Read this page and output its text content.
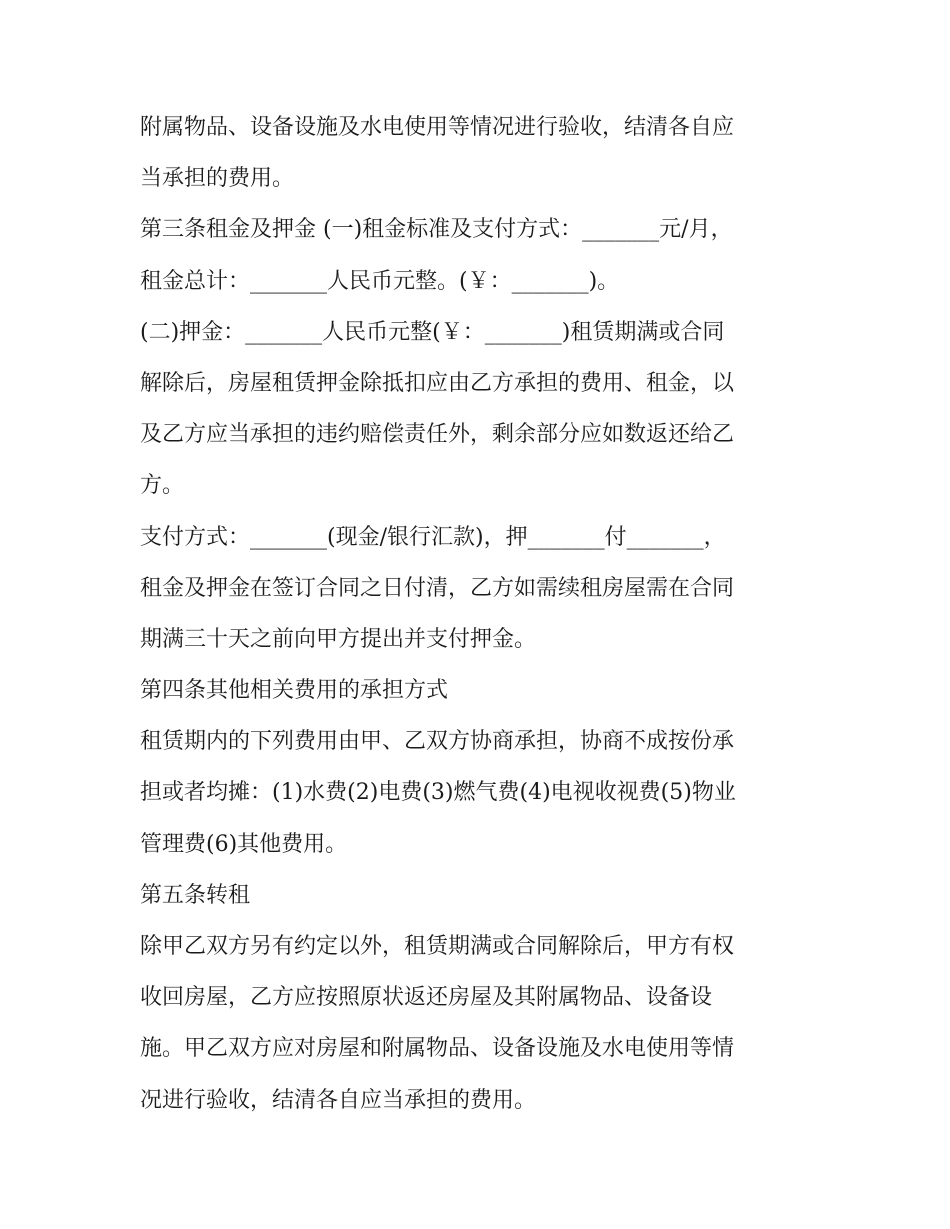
附属物品、设备设施及水电使用等情况进行验收，结清各自应
当承担的费用。
第三条租金及押金 (一)租金标准及支付方式：_______元/月，
租金总计：_______人民币元整。(￥：_______)。
(二)押金：_______人民币元整(￥：_______)租赁期满或合同
解除后，房屋租赁押金除抵扣应由乙方承担的费用、租金，以
及乙方应当承担的违约赔偿责任外，剩余部分应如数返还给乙
方。
支付方式：_______(现金/银行汇款)，押_______付_______，
租金及押金在签订合同之日付清，乙方如需续租房屋需在合同
期满三十天之前向甲方提出并支付押金。
第四条其他相关费用的承担方式
租赁期内的下列费用由甲、乙双方协商承担，协商不成按份承
担或者均摊：(1)水费(2)电费(3)燃气费(4)电视收视费(5)物业
管理费(6)其他费用。
第五条转租
除甲乙双方另有约定以外，租赁期满或合同解除后，甲方有权
收回房屋，乙方应按照原状返还房屋及其附属物品、设备设
施。甲乙双方应对房屋和附属物品、设备设施及水电使用等情
况进行验收，结清各自应当承担的费用。
